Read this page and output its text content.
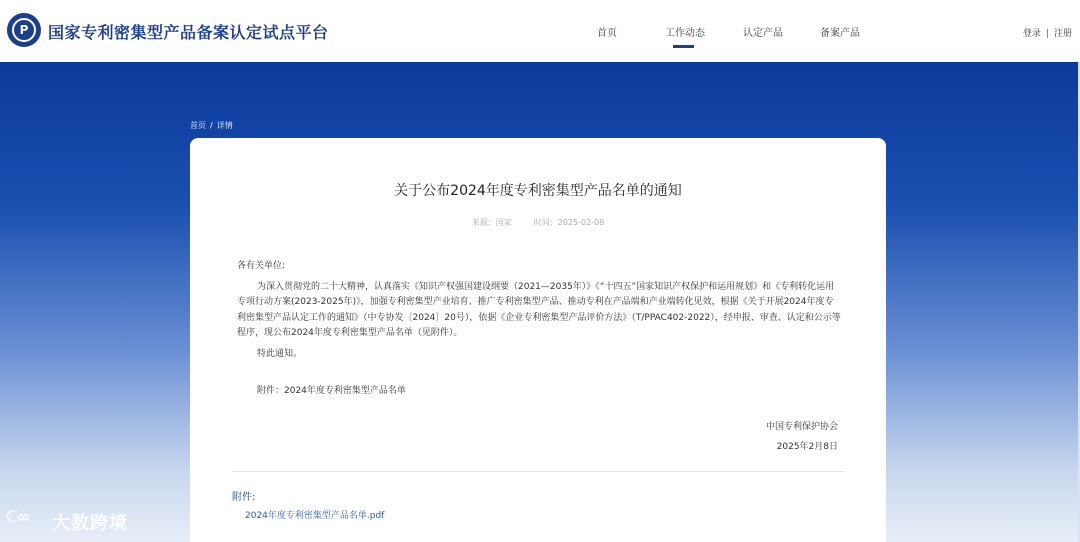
P	国家专利密集型产品备案认定试点平台	首页	工作动态	认定产品	备案产品	登录 | 注册
首页 / 详情
关于公布2024年度专利密集型产品名单的通知
来源：国家	时间：2025-02-08

各有关单位:

为深入贯彻党的二十大精神，认真落实《知识产权强国建设纲要（2021—2035年）》《“十四五”国家知识产权保护和运用规划》和《专利转化运用专项行动方案(2023-2025年)》，加强专利密集型产业培育、推广专利密集型产品、推动专利在产品端和产业端转化见效，根据《关于开展2024年度专利密集型产品认定工作的通知》（中专协发〔2024〕20号），依据《企业专利密集型产品评价方法》（T/PPAC402-2022），经申报、审查、认定和公示等程序，现公布2024年度专利密集型产品名单（见附件）。

特此通知。

附件：2024年度专利密集型产品名单

中国专利保护协会
2025年2月8日
附件:
2024年度专利密集型产品名单.pdf
ℂ∞ 大数跨境
